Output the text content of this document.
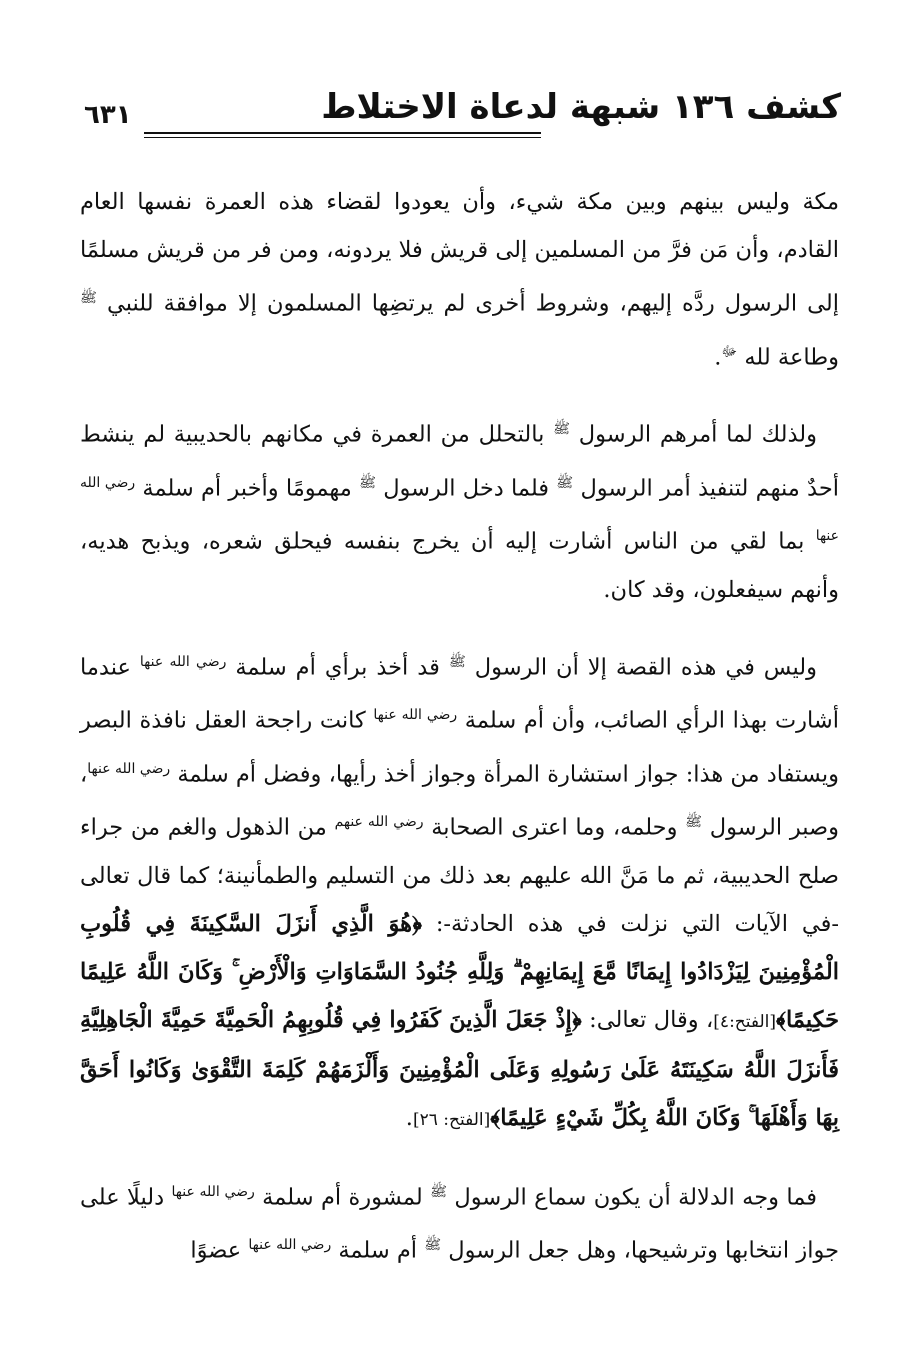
كشف ١٣٦ شبهة لدعاة الاختلاط
٦٣١

مكة وليس بينهم وبين مكة شيء، وأن يعودوا لقضاء هذه العمرة نفسها العام القادم، وأن مَن فرَّ من المسلمين إلى قريش فلا يردونه، ومن فر من قريش مسلمًا إلى الرسول ردَّه إليهم، وشروط أخرى لم يرتضِها المسلمون إلا موافقة للنبي $^ﷺ$ وطاعة لله $^ﷻ$.

ولذلك لما أمرهم الرسول $^ﷺ$ بالتحلل من العمرة في مكانهم بالحديبية لم ينشط أحدٌ منهم لتنفيذ أمر الرسول $^ﷺ$ فلما دخل الرسول $^ﷺ$ مهمومًا وأخبر أم سلمة $^{رضي الله عنها}$ بما لقي من الناس أشارت إليه أن يخرج بنفسه فيحلق شعره، ويذبح هديه، وأنهم سيفعلون، وقد كان.

وليس في هذه القصة إلا أن الرسول $^ﷺ$ قد أخذ برأي أم سلمة $^{رضي الله عنها}$ عندما أشارت بهذا الرأي الصائب، وأن أم سلمة $^{رضي الله عنها}$ كانت راجحة العقل نافذة البصر ويستفاد من هذا: جواز استشارة المرأة وجواز أخذ رأيها، وفضل أم سلمة $^{رضي الله عنها}$، وصبر الرسول $^ﷺ$ وحلمه، وما اعترى الصحابة $^{رضي الله عنهم}$ من الذهول والغم من جراء صلح الحديبية، ثم ما مَنَّ الله عليهم بعد ذلك من التسليم والطمأنينة؛ كما قال تعالى -في الآيات التي نزلت في هذه الحادثة-: ﴿هُوَ الَّذِي أَنزَلَ السَّكِينَةَ فِي قُلُوبِ الْمُؤْمِنِينَ لِيَزْدَادُوا إِيمَانًا مَّعَ إِيمَانِهِمْ ۗ وَلِلَّهِ جُنُودُ السَّمَاوَاتِ وَالْأَرْضِ ۚ وَكَانَ اللَّهُ عَلِيمًا حَكِيمًا﴾[الفتح:٤]، وقال تعالى: ﴿إِذْ جَعَلَ الَّذِينَ كَفَرُوا فِي قُلُوبِهِمُ الْحَمِيَّةَ حَمِيَّةَ الْجَاهِلِيَّةِ فَأَنزَلَ اللَّهُ سَكِينَتَهُ عَلَىٰ رَسُولِهِ وَعَلَى الْمُؤْمِنِينَ وَأَلْزَمَهُمْ كَلِمَةَ التَّقْوَىٰ وَكَانُوا أَحَقَّ بِهَا وَأَهْلَهَا ۚ وَكَانَ اللَّهُ بِكُلِّ شَيْءٍ عَلِيمًا﴾[الفتح: ٢٦].

فما وجه الدلالة أن يكون سماع الرسول $^ﷺ$ لمشورة أم سلمة $^{رضي الله عنها}$ دليلًا على جواز انتخابها وترشيحها، وهل جعل الرسول $^ﷺ$ أم سلمة $^{رضي الله عنها}$ عضوًا
